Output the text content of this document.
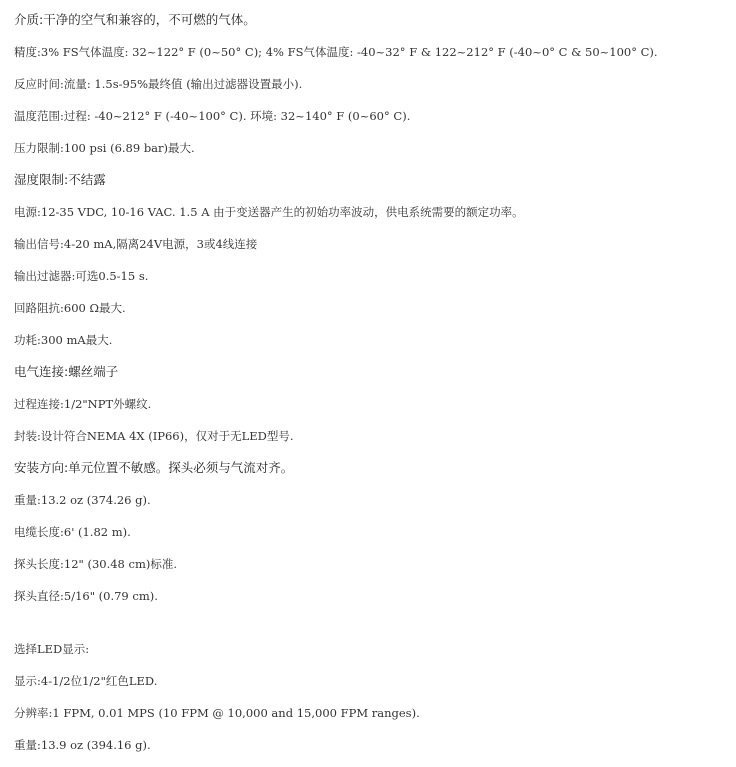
介质:干净的空气和兼容的，不可燃的气体。
精度:3% FS气体温度: 32~122° F (0~50° C); 4% FS气体温度: -40~32° F & 122~212° F (-40~0° C & 50~100° C).
反应时间:流量: 1.5s-95%最终值 (输出过滤器设置最小).
温度范围:过程: -40~212° F (-40~100° C). 环境: 32~140° F (0~60° C).
压力限制:100 psi (6.89 bar)最大.
湿度限制:不结露
电源:12-35 VDC, 10-16 VAC. 1.5 A 由于变送器产生的初始功率波动，供电系统需要的额定功率。
输出信号:4-20 mA,隔离24V电源，3或4线连接
输出过滤器:可选0.5-15 s.
回路阻抗:600 Ω最大.
功耗:300 mA最大.
电气连接:螺丝端子
过程连接:1/2"NPT外螺纹.
封装:设计符合NEMA 4X (IP66)，仅对于无LED型号.
安装方向:单元位置不敏感。探头必须与气流对齐。
重量:13.2 oz (374.26 g).
电缆长度:6' (1.82 m).
探头长度:12" (30.48 cm)标准.
探头直径:5/16" (0.79 cm).
选择LED显示:
显示:4-1/2位1/2"红色LED.
分辨率:1 FPM, 0.01 MPS (10 FPM @ 10,000 and 15,000 FPM ranges).
重量:13.9 oz (394.16 g).
